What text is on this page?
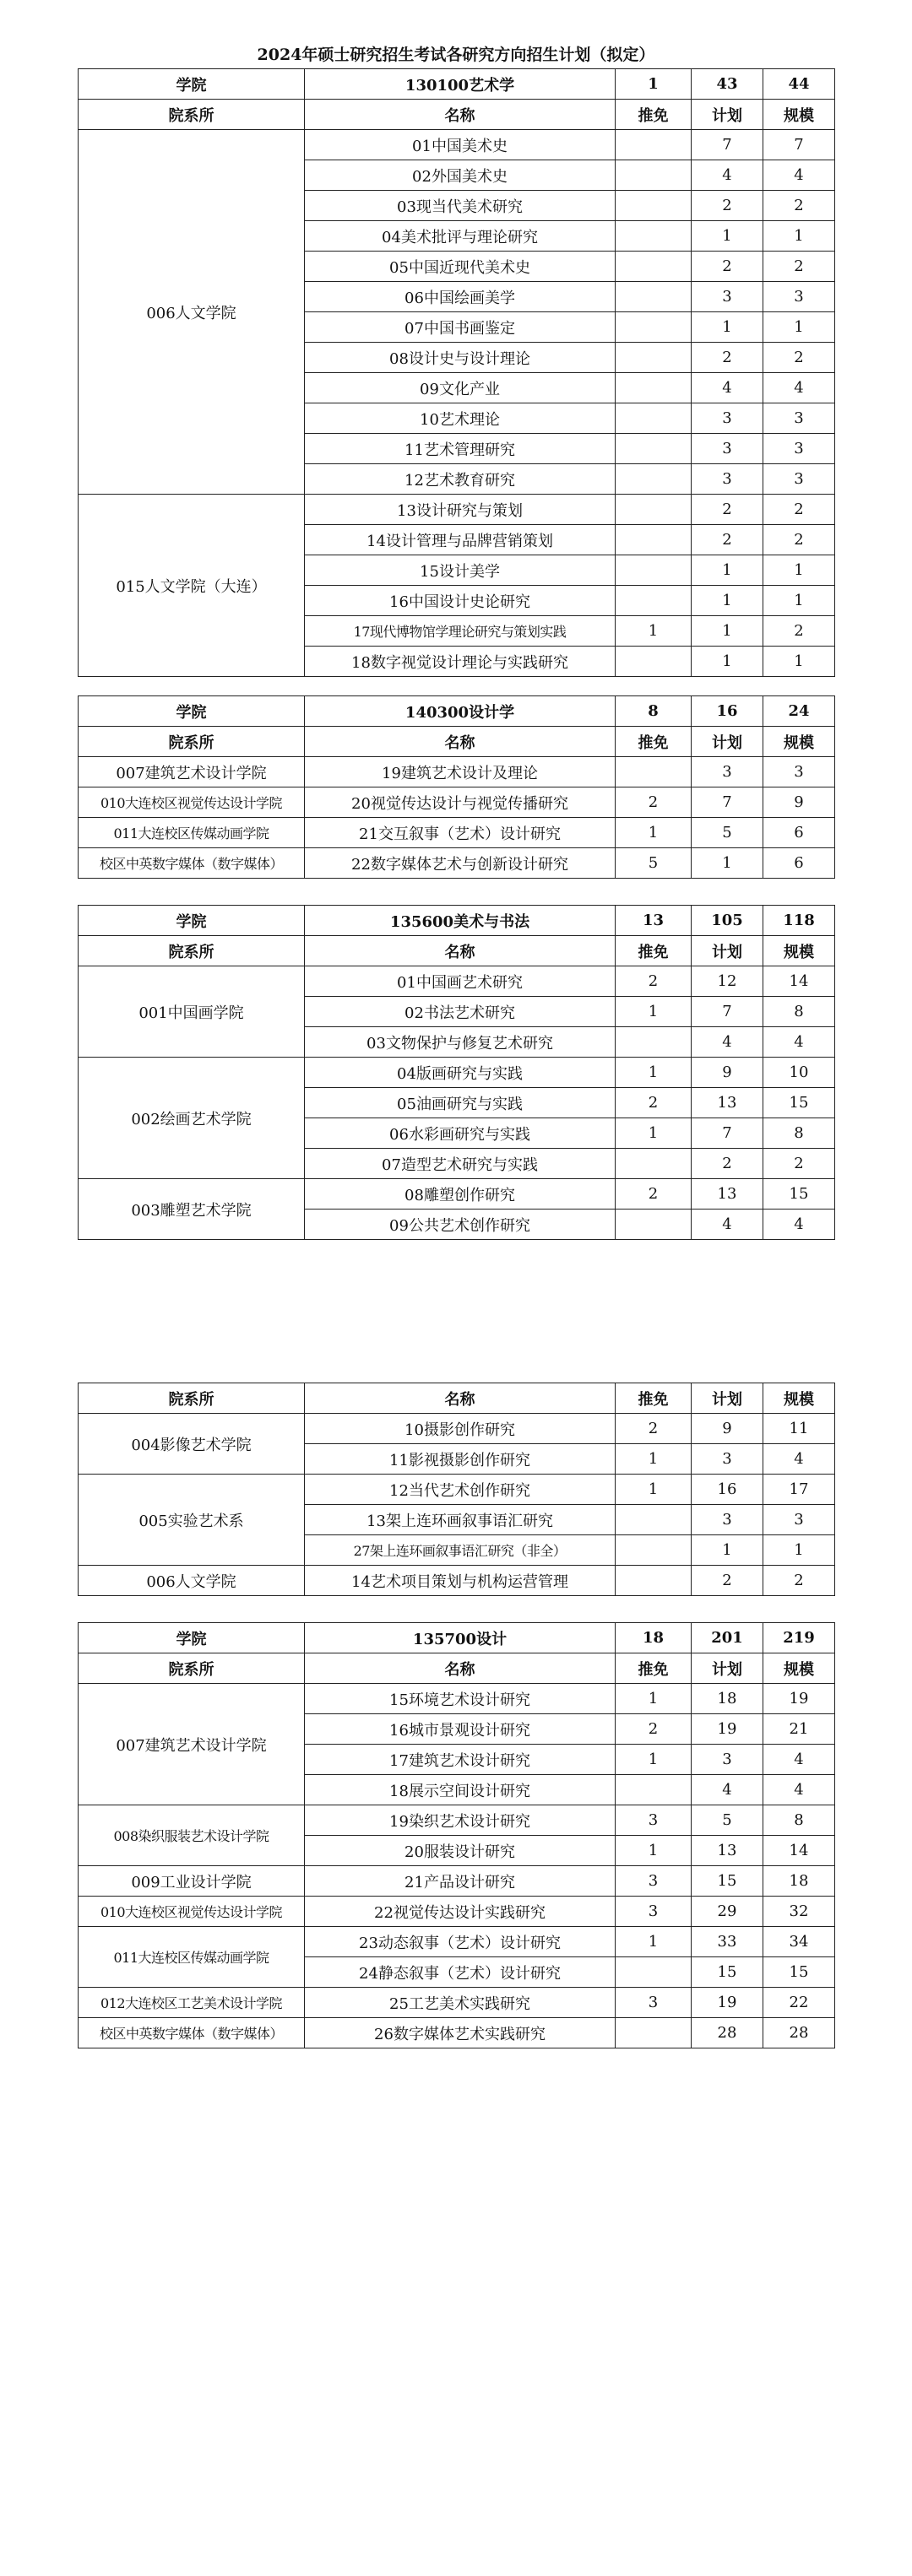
2024年硕士研究招生考试各研究方向招生计划（拟定）
学院	130100艺术学	1	43	44
院系所	名称	推免	计划	规模
006人文学院	01中国美术史		7	7
	02外国美术史		4	4
	03现当代美术研究		2	2
	04美术批评与理论研究		1	1
	05中国近现代美术史		2	2
	06中国绘画美学		3	3
	07中国书画鉴定		1	1
	08设计史与设计理论		2	2
	09文化产业		4	4
	10艺术理论		3	3
	11艺术管理研究		3	3
	12艺术教育研究		3	3
015人文学院（大连）	13设计研究与策划		2	2
	14设计管理与品牌营销策划		2	2
	15设计美学		1	1
	16中国设计史论研究		1	1
	17现代博物馆学理论研究与策划实践	1	1	2
	18数字视觉设计理论与实践研究		1	1
学院	140300设计学	8	16	24
院系所	名称	推免	计划	规模
007建筑艺术设计学院	19建筑艺术设计及理论		3	3
010大连校区视觉传达设计学院	20视觉传达设计与视觉传播研究	2	7	9
011大连校区传媒动画学院	21交互叙事（艺术）设计研究	1	5	6
校区中英数字媒体（数字媒体）	22数字媒体艺术与创新设计研究	5	1	6
学院	135600美术与书法	13	105	118
院系所	名称	推免	计划	规模
001中国画学院	01中国画艺术研究	2	12	14
	02书法艺术研究	1	7	8
	03文物保护与修复艺术研究		4	4
002绘画艺术学院	04版画研究与实践	1	9	10
	05油画研究与实践	2	13	15
	06水彩画研究与实践	1	7	8
	07造型艺术研究与实践		2	2
003雕塑艺术学院	08雕塑创作研究	2	13	15
	09公共艺术创作研究		4	4
院系所	名称	推免	计划	规模
004影像艺术学院	10摄影创作研究	2	9	11
	11影视摄影创作研究	1	3	4
005实验艺术系	12当代艺术创作研究	1	16	17
	13架上连环画叙事语汇研究		3	3
	27架上连环画叙事语汇研究（非全）		1	1
006人文学院	14艺术项目策划与机构运营管理		2	2
学院	135700设计	18	201	219
院系所	名称	推免	计划	规模
007建筑艺术设计学院	15环境艺术设计研究	1	18	19
	16城市景观设计研究	2	19	21
	17建筑艺术设计研究	1	3	4
	18展示空间设计研究		4	4
008染织服装艺术设计学院	19染织艺术设计研究	3	5	8
	20服装设计研究	1	13	14
009工业设计学院	21产品设计研究	3	15	18
010大连校区视觉传达设计学院	22视觉传达设计实践研究	3	29	32
011大连校区传媒动画学院	23动态叙事（艺术）设计研究	1	33	34
	24静态叙事（艺术）设计研究		15	15
012大连校区工艺美术设计学院	25工艺美术实践研究	3	19	22
校区中英数字媒体（数字媒体）	26数字媒体艺术实践研究		28	28
